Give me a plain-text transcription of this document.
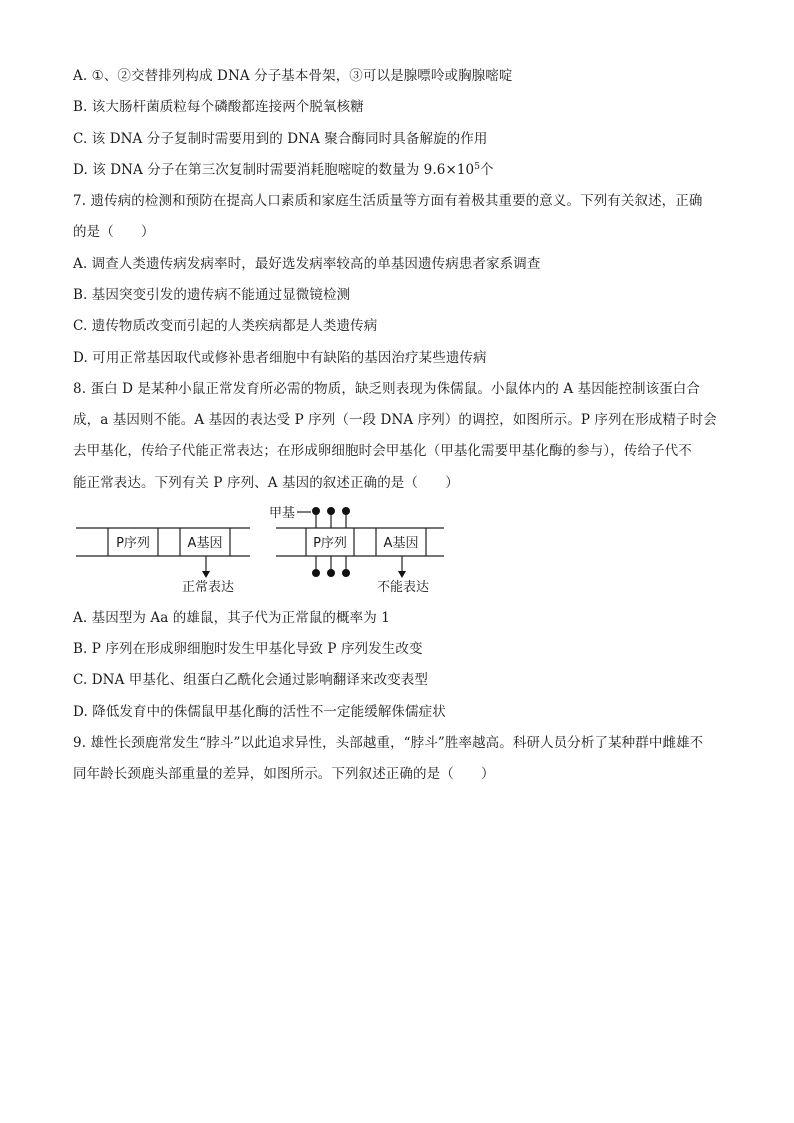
A. ①、②交替排列构成 DNA 分子基本骨架，③可以是腺嘌呤或胸腺嘧啶
B. 该大肠杆菌质粒每个磷酸都连接两个脱氧核糖
C. 该 DNA 分子复制时需要用到的 DNA 聚合酶同时具备解旋的作用
D. 该 DNA 分子在第三次复制时需要消耗胞嘧啶的数量为 $9.6\times 10^5$个
7. 遗传病的检测和预防在提高人口素质和家庭生活质量等方面有着极其重要的意义。下列有关叙述，正确
的是（　　）
A. 调查人类遗传病发病率时，最好选发病率较高的单基因遗传病患者家系调查
B. 基因突变引发的遗传病不能通过显微镜检测
C. 遗传物质改变而引起的人类疾病都是人类遗传病
D. 可用正常基因取代或修补患者细胞中有缺陷的基因治疗某些遗传病
8. 蛋白 D 是某种小鼠正常发育所必需的物质，缺乏则表现为侏儒鼠。小鼠体内的 A 基因能控制该蛋白合
成，a 基因则不能。A 基因的表达受 P 序列（一段 DNA 序列）的调控，如图所示。P 序列在形成精子时会
去甲基化，传给子代能正常表达；在形成卵细胞时会甲基化（甲基化需要甲基化酶的参与），传给子代不
能正常表达。下列有关 P 序列、A 基因的叙述正确的是（　　）
P序列	A基因
正常表达
甲基
P序列	A基因
不能表达
A. 基因型为 Aa 的雄鼠，其子代为正常鼠的概率为 1
B. P 序列在形成卵细胞时发生甲基化导致 P 序列发生改变
C. DNA 甲基化、组蛋白乙酰化会通过影响翻译来改变表型
D. 降低发育中的侏儒鼠甲基化酶的活性不一定能缓解侏儒症状
9. 雄性长颈鹿常发生“脖斗”以此追求异性，头部越重，“脖斗”胜率越高。科研人员分析了某种群中雌雄不
同年龄长颈鹿头部重量的差异，如图所示。下列叙述正确的是（　　）
